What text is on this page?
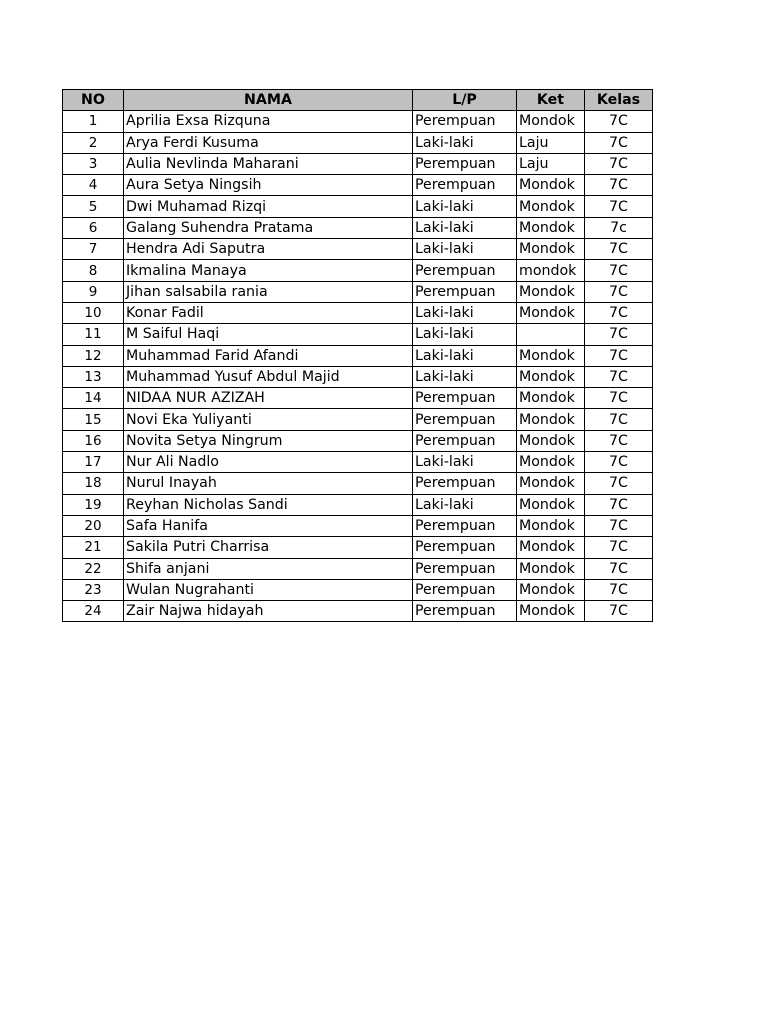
NO	NAMA	L/P	Ket	Kelas
1	Aprilia Exsa Rizquna	Perempuan	Mondok	7C
2	Arya Ferdi Kusuma	Laki-laki	Laju	7C
3	Aulia Nevlinda Maharani	Perempuan	Laju	7C
4	Aura Setya Ningsih	Perempuan	Mondok	7C
5	Dwi Muhamad Rizqi	Laki-laki	Mondok	7C
6	Galang Suhendra Pratama	Laki-laki	Mondok	7c
7	Hendra Adi Saputra	Laki-laki	Mondok	7C
8	Ikmalina Manaya	Perempuan	mondok	7C
9	Jihan salsabila rania	Perempuan	Mondok	7C
10	Konar Fadil	Laki-laki	Mondok	7C
11	M Saiful Haqi	Laki-laki		7C
12	Muhammad Farid Afandi	Laki-laki	Mondok	7C
13	Muhammad Yusuf Abdul Majid	Laki-laki	Mondok	7C
14	NIDAA NUR AZIZAH	Perempuan	Mondok	7C
15	Novi Eka Yuliyanti	Perempuan	Mondok	7C
16	Novita Setya Ningrum	Perempuan	Mondok	7C
17	Nur Ali Nadlo	Laki-laki	Mondok	7C
18	Nurul Inayah	Perempuan	Mondok	7C
19	Reyhan Nicholas Sandi	Laki-laki	Mondok	7C
20	Safa Hanifa	Perempuan	Mondok	7C
21	Sakila Putri Charrisa	Perempuan	Mondok	7C
22	Shifa anjani	Perempuan	Mondok	7C
23	Wulan Nugrahanti	Perempuan	Mondok	7C
24	Zair Najwa hidayah	Perempuan	Mondok	7C
